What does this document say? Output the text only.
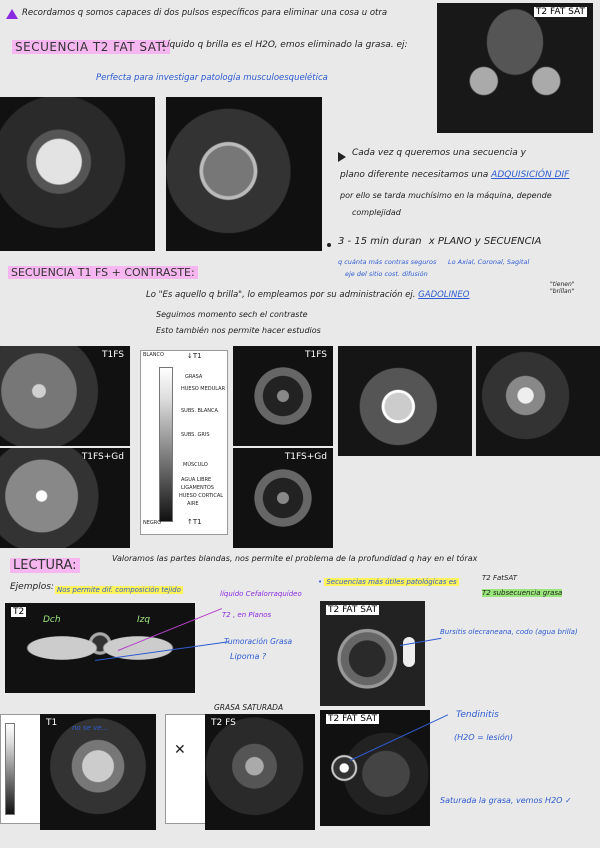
Recordamos q somos capaces di dos pulsos específicos para eliminar una cosa u otra	T2 FAT SAT
SECUENCIA T2 FAT SAT:
Líquido q brilla es el H2O, emos eliminado la grasa. ej:
Perfecta para investigar patología musculoesquelética
Cada vez q queremos una secuencia y
plano diferente necesitamos una ADQUISICIÓN DIF
por ello se tarda muchísimo en la máquina, depende
complejidad
3 - 15 min duran x PLANO y SECUENCIA
q cuánta más contras seguros Lo Axial, Coronal, Sagital
eje del sitio cost. difusión
SECUENCIA T1 FS + CONTRASTE:
Lo "Es aquello q brilla", lo empleamos por su administración ej. GADOLINEO
"tienen" "brillan"
Seguimos momento sech el contraste
Esto también nos permite hacer estudios
T1FS
T1FS+Gd
BLANCO	↓T1
GRASA
HUESO MEDULAR
SUBS. BLANCA
SUBS. GRIS
MÚSCULO
AGUA LIBRE
LIGAMENTOS
HUESO CORTICAL
AIRE
NEGRO	↑T1
T1FS
T1FS+Gd
LECTURA:	Valoramos las partes blandas, nos permite el problema de la profundidad q hay en el tórax
Ejemplos: Nos permite dif. composición tejido
• Secuencias más útiles patológicas es	T2 FatSAT
T2 subsecuencia grasa
T2
Dch	Izq
líquido Cefalorraquídeo
T2 , en Planos
Tumoración Grasa
Lipoma ?
GRASA SATURADA
T2 FAT SAT
Bursitis olecraneana, codo (agua brilla)
T1 no se ve...
✕
T2 FS	T2 FAT SAT	Tendinitis
(H2O = lesión)
Saturada la grasa, vemos H2O ✓
